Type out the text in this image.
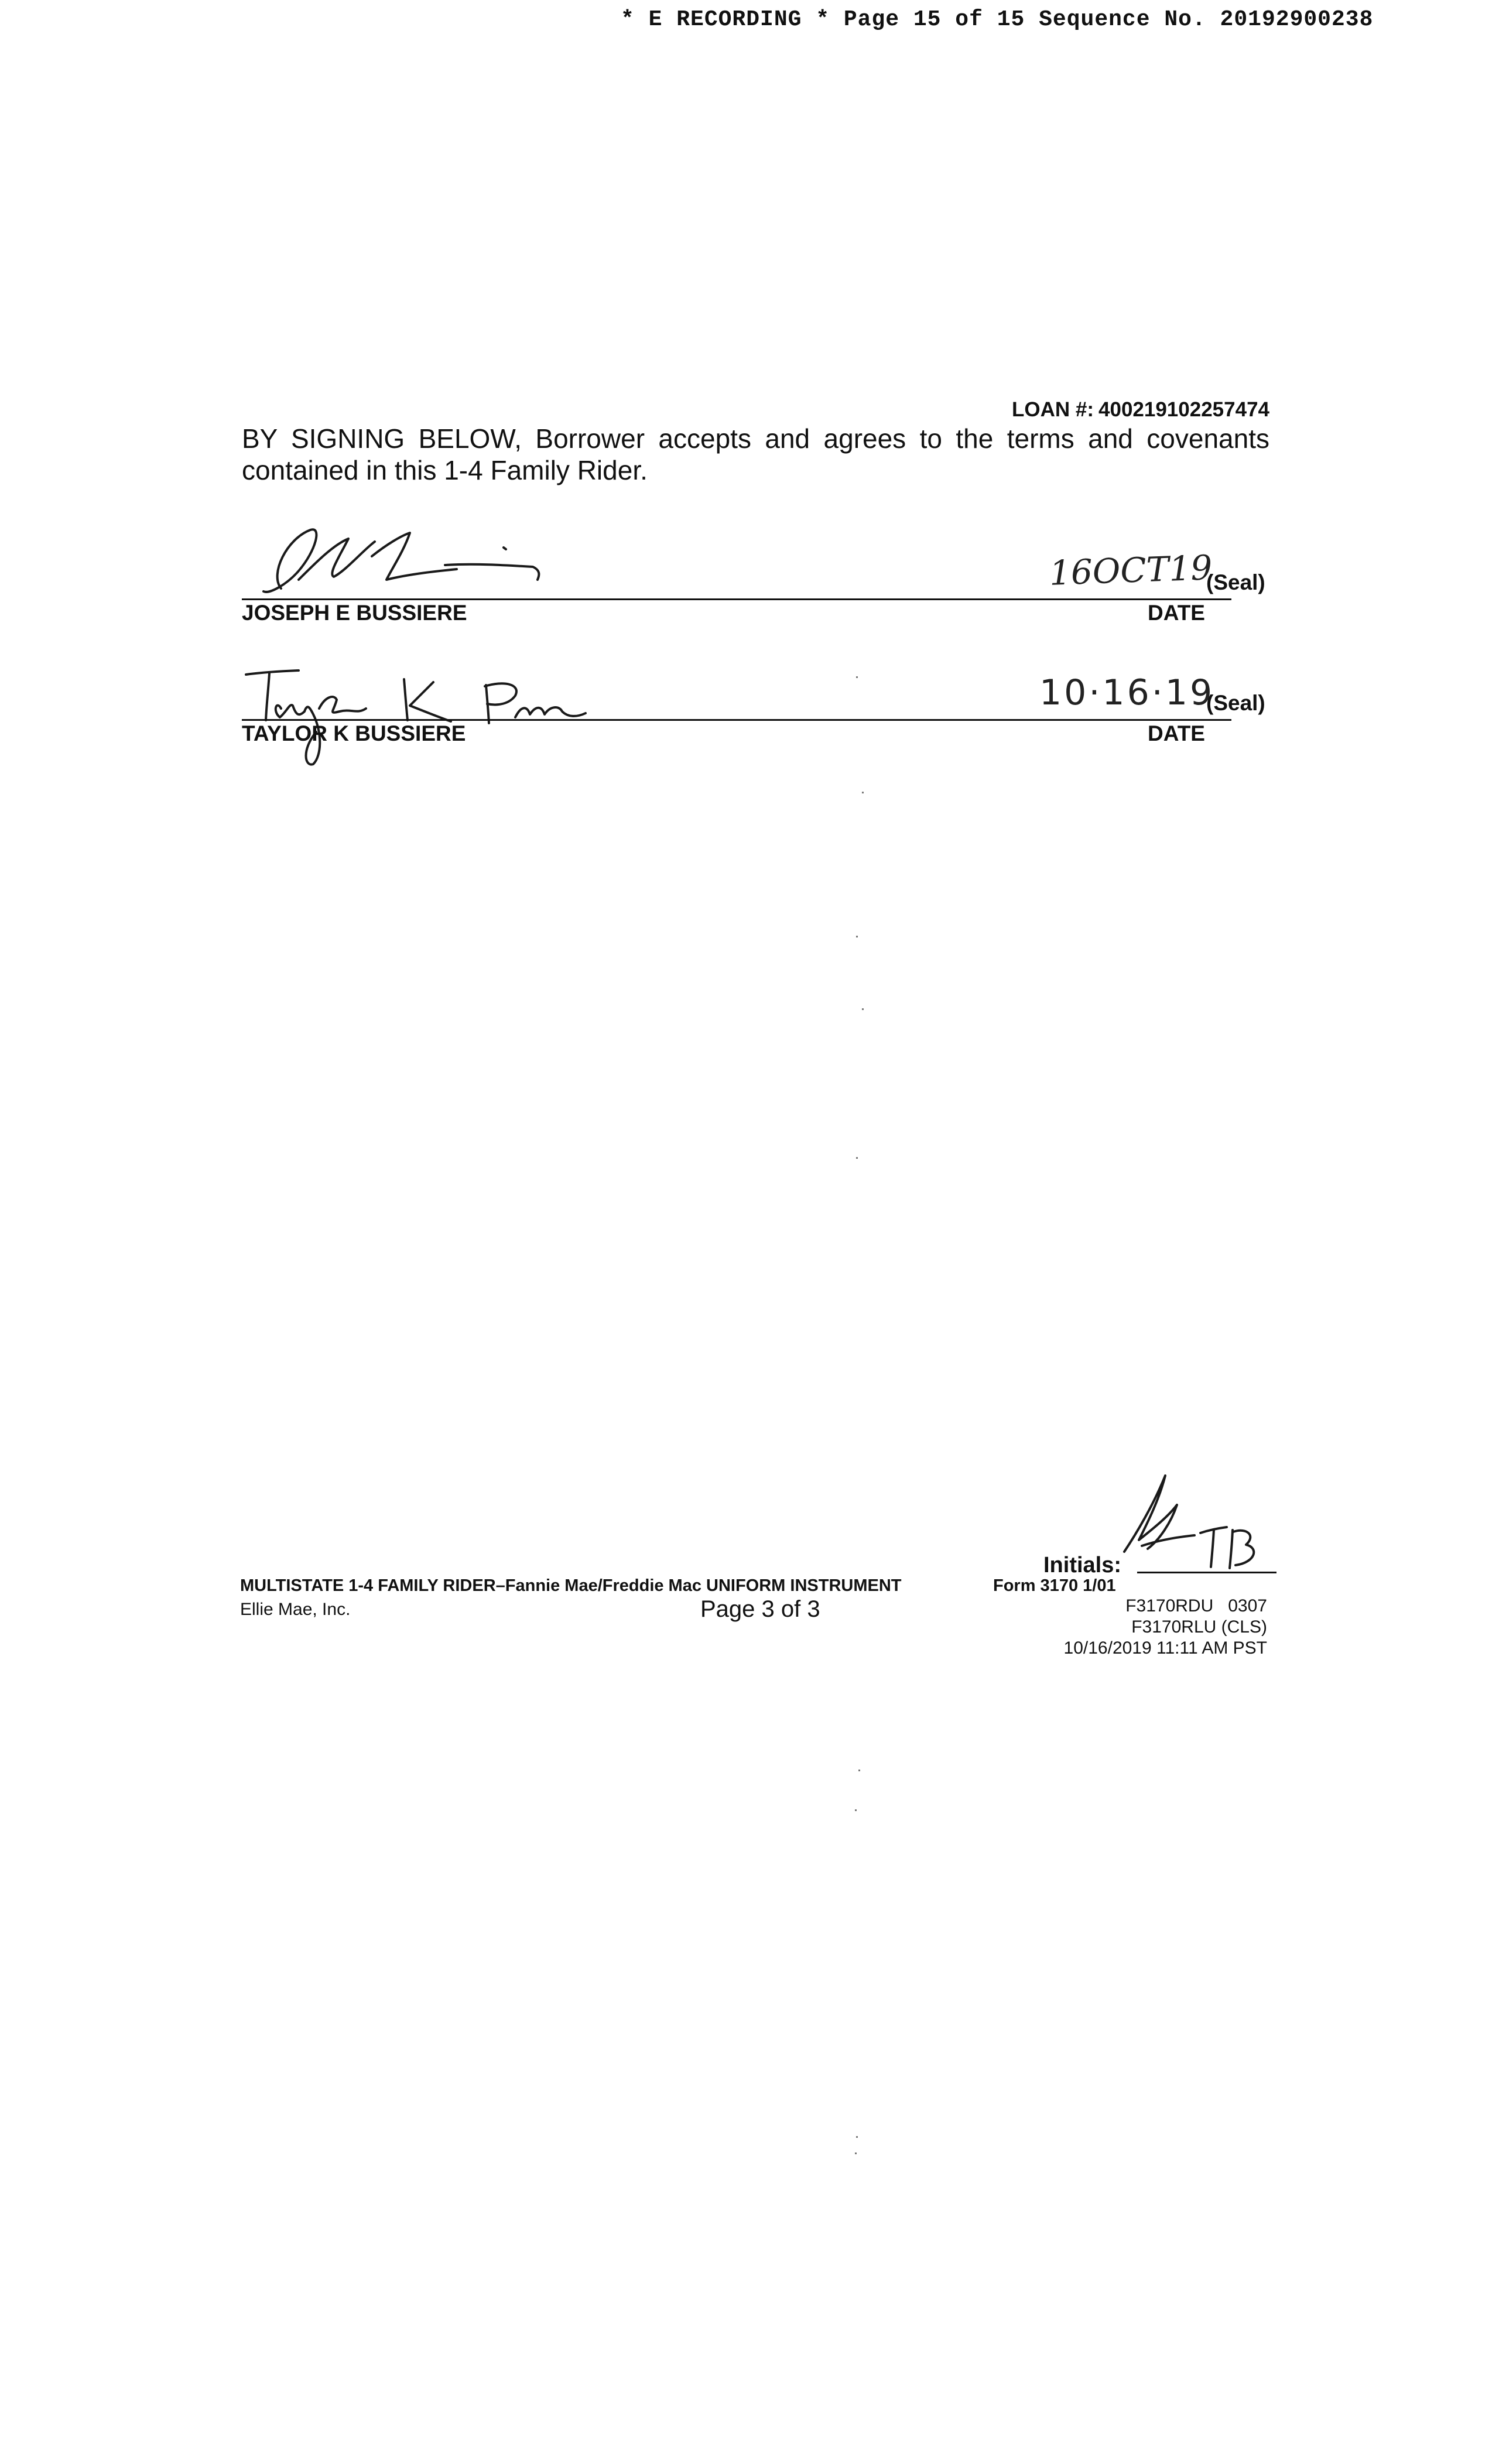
* E RECORDING * Page 15 of 15 Sequence No. 20192900238
LOAN #: 400219102257474
BY SIGNING BELOW, Borrower accepts and agrees to the terms and covenants contained in this 1-4 Family Rider.
16OCT19
(Seal)
JOSEPH E BUSSIERE	DATE
10·16·19
(Seal)
TAYLOR K BUSSIERE	DATE
Initials:
MULTISTATE 1-4 FAMILY RIDER–Fannie Mae/Freddie Mac UNIFORM INSTRUMENT	Form 3170 1/01
Ellie Mae, Inc.	Page 3 of 3	F3170RDU   0307
F3170RLU (CLS)
10/16/2019 11:11 AM PST
